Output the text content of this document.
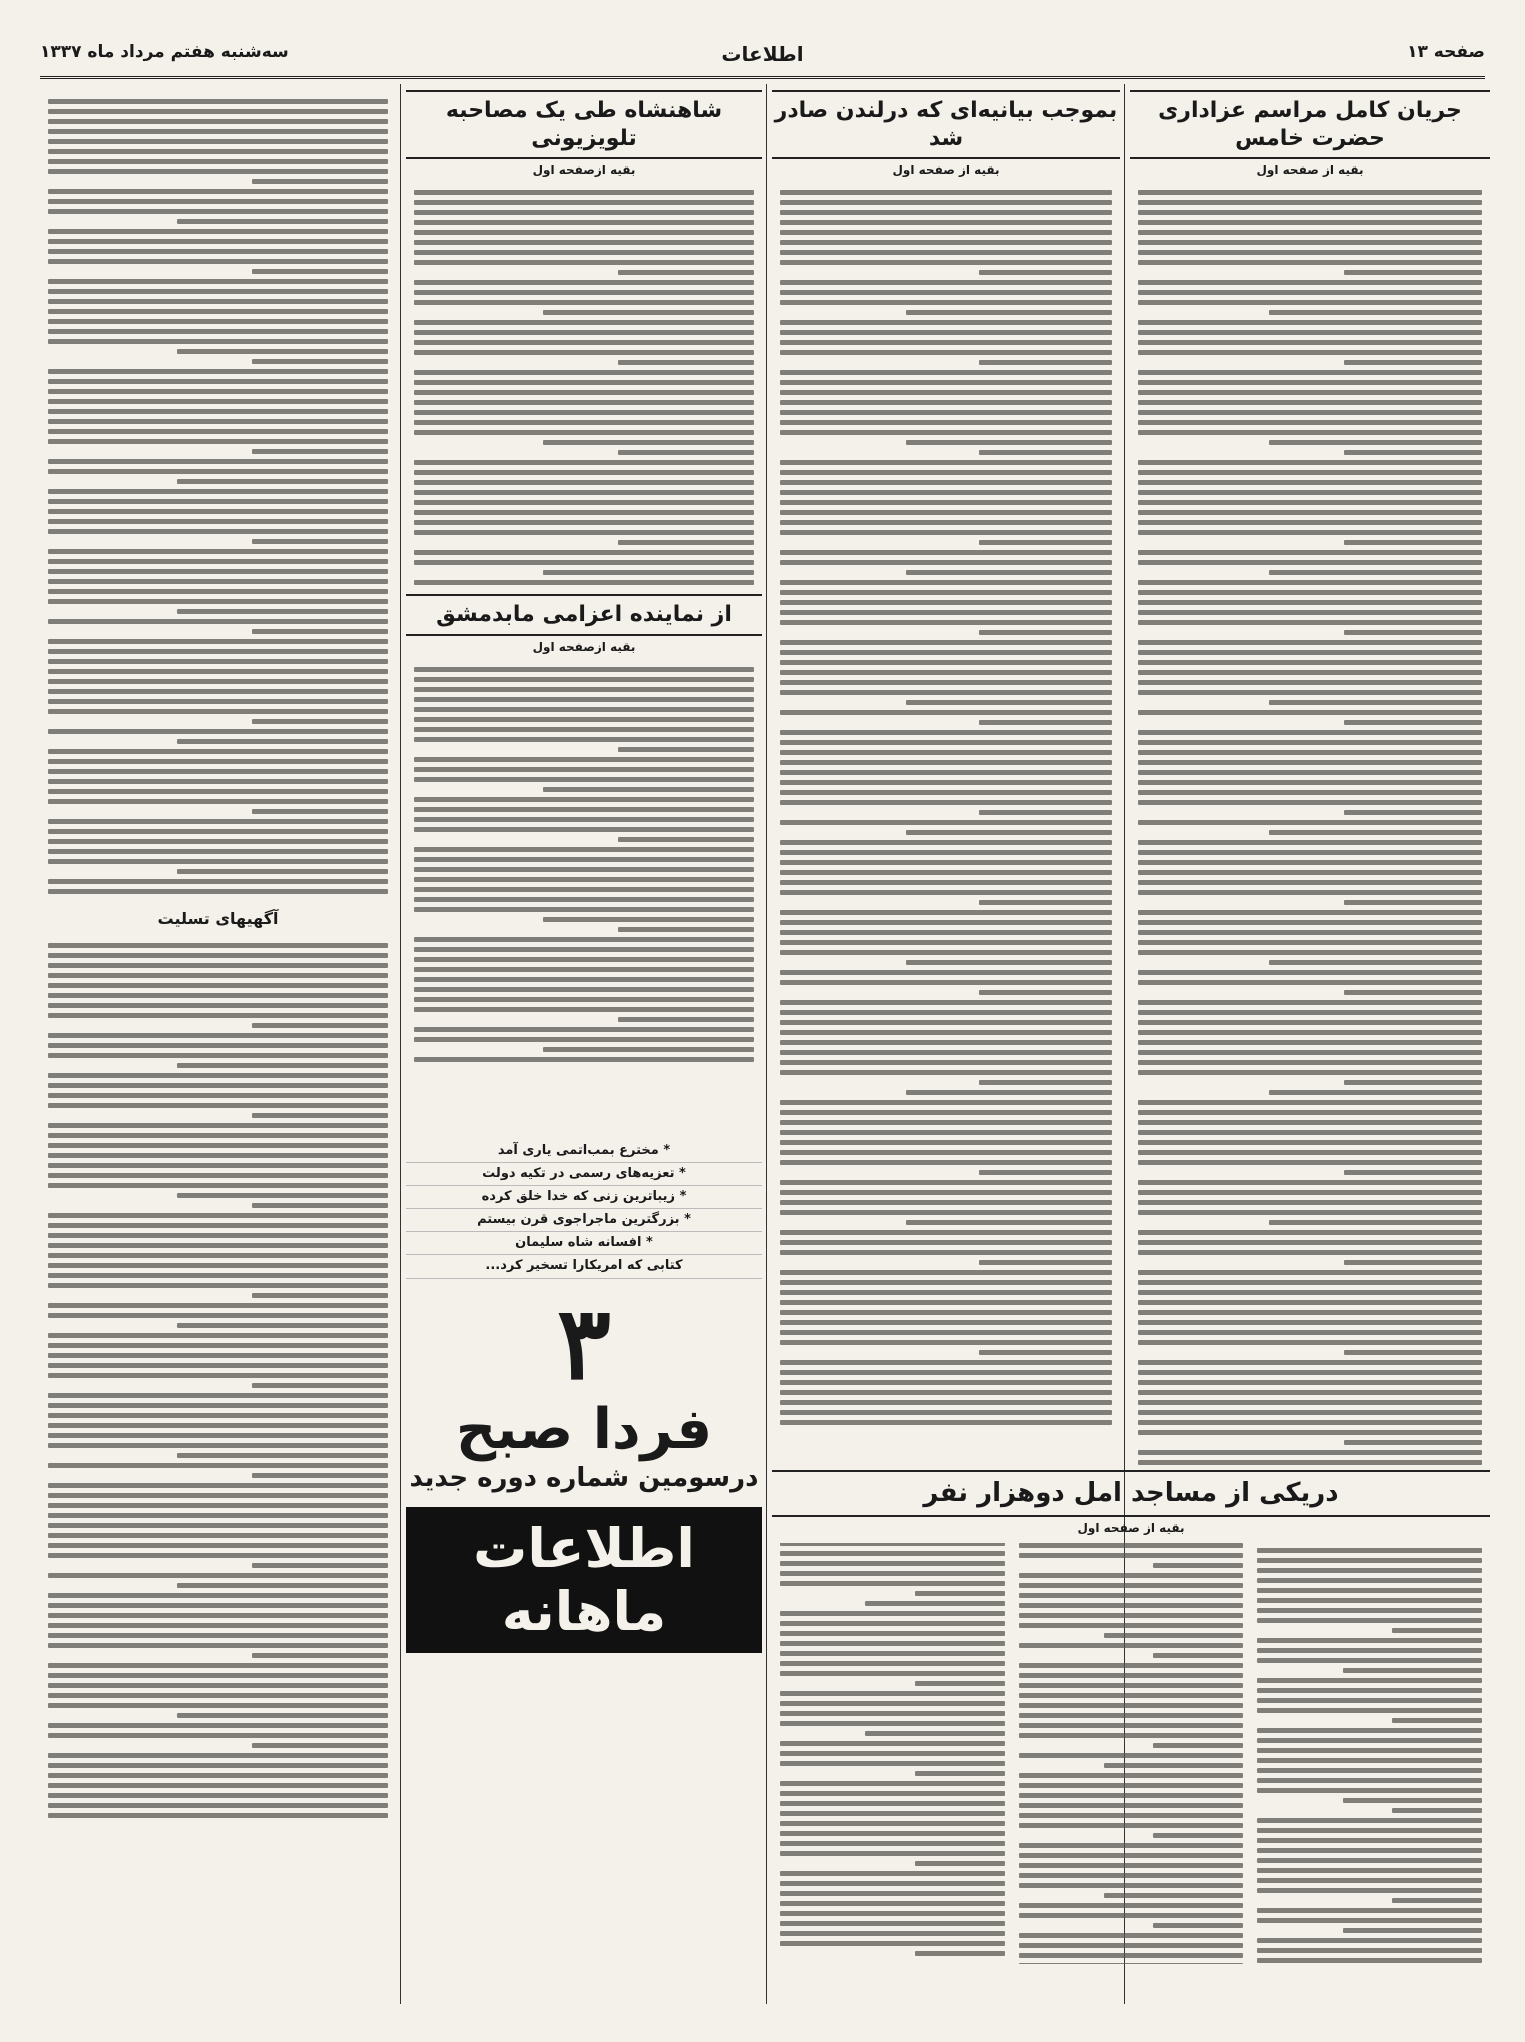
صفحه ۱۳
اطلاعات
سه‌شنبه هفتم مرداد ماه ۱۳۳۷
جریان کامل مراسم عزاداری حضرت خامس
بقیه از صفحه اول
بموجب بیانیه‌ای که درلندن صادر شد
بقیه از صفحه اول
شاهنشاه طی یک مصاحبه تلویزیونی
بقیه ازصفحه اول
از نماینده اعزامی مابدمشق
بقیه ازصفحه اول
آگهیهای تسلیت
* مخترع بمب‌اتمی یاری آمد
* تعزیه‌های رسمی در تکیه دولت
* زیباترین زنی که خدا خلق کرده
* بزرگترین ماجراجوی قرن بیستم
* افسانه شاه سلیمان
کتابی که امریکارا تسخیر کرد...
٣
فردا صبح
درسومین شماره دوره جدید
اطلاعات ماهانه
دریکی از مساجد امل دوهزار نفر
بقیه از صفحه اول
